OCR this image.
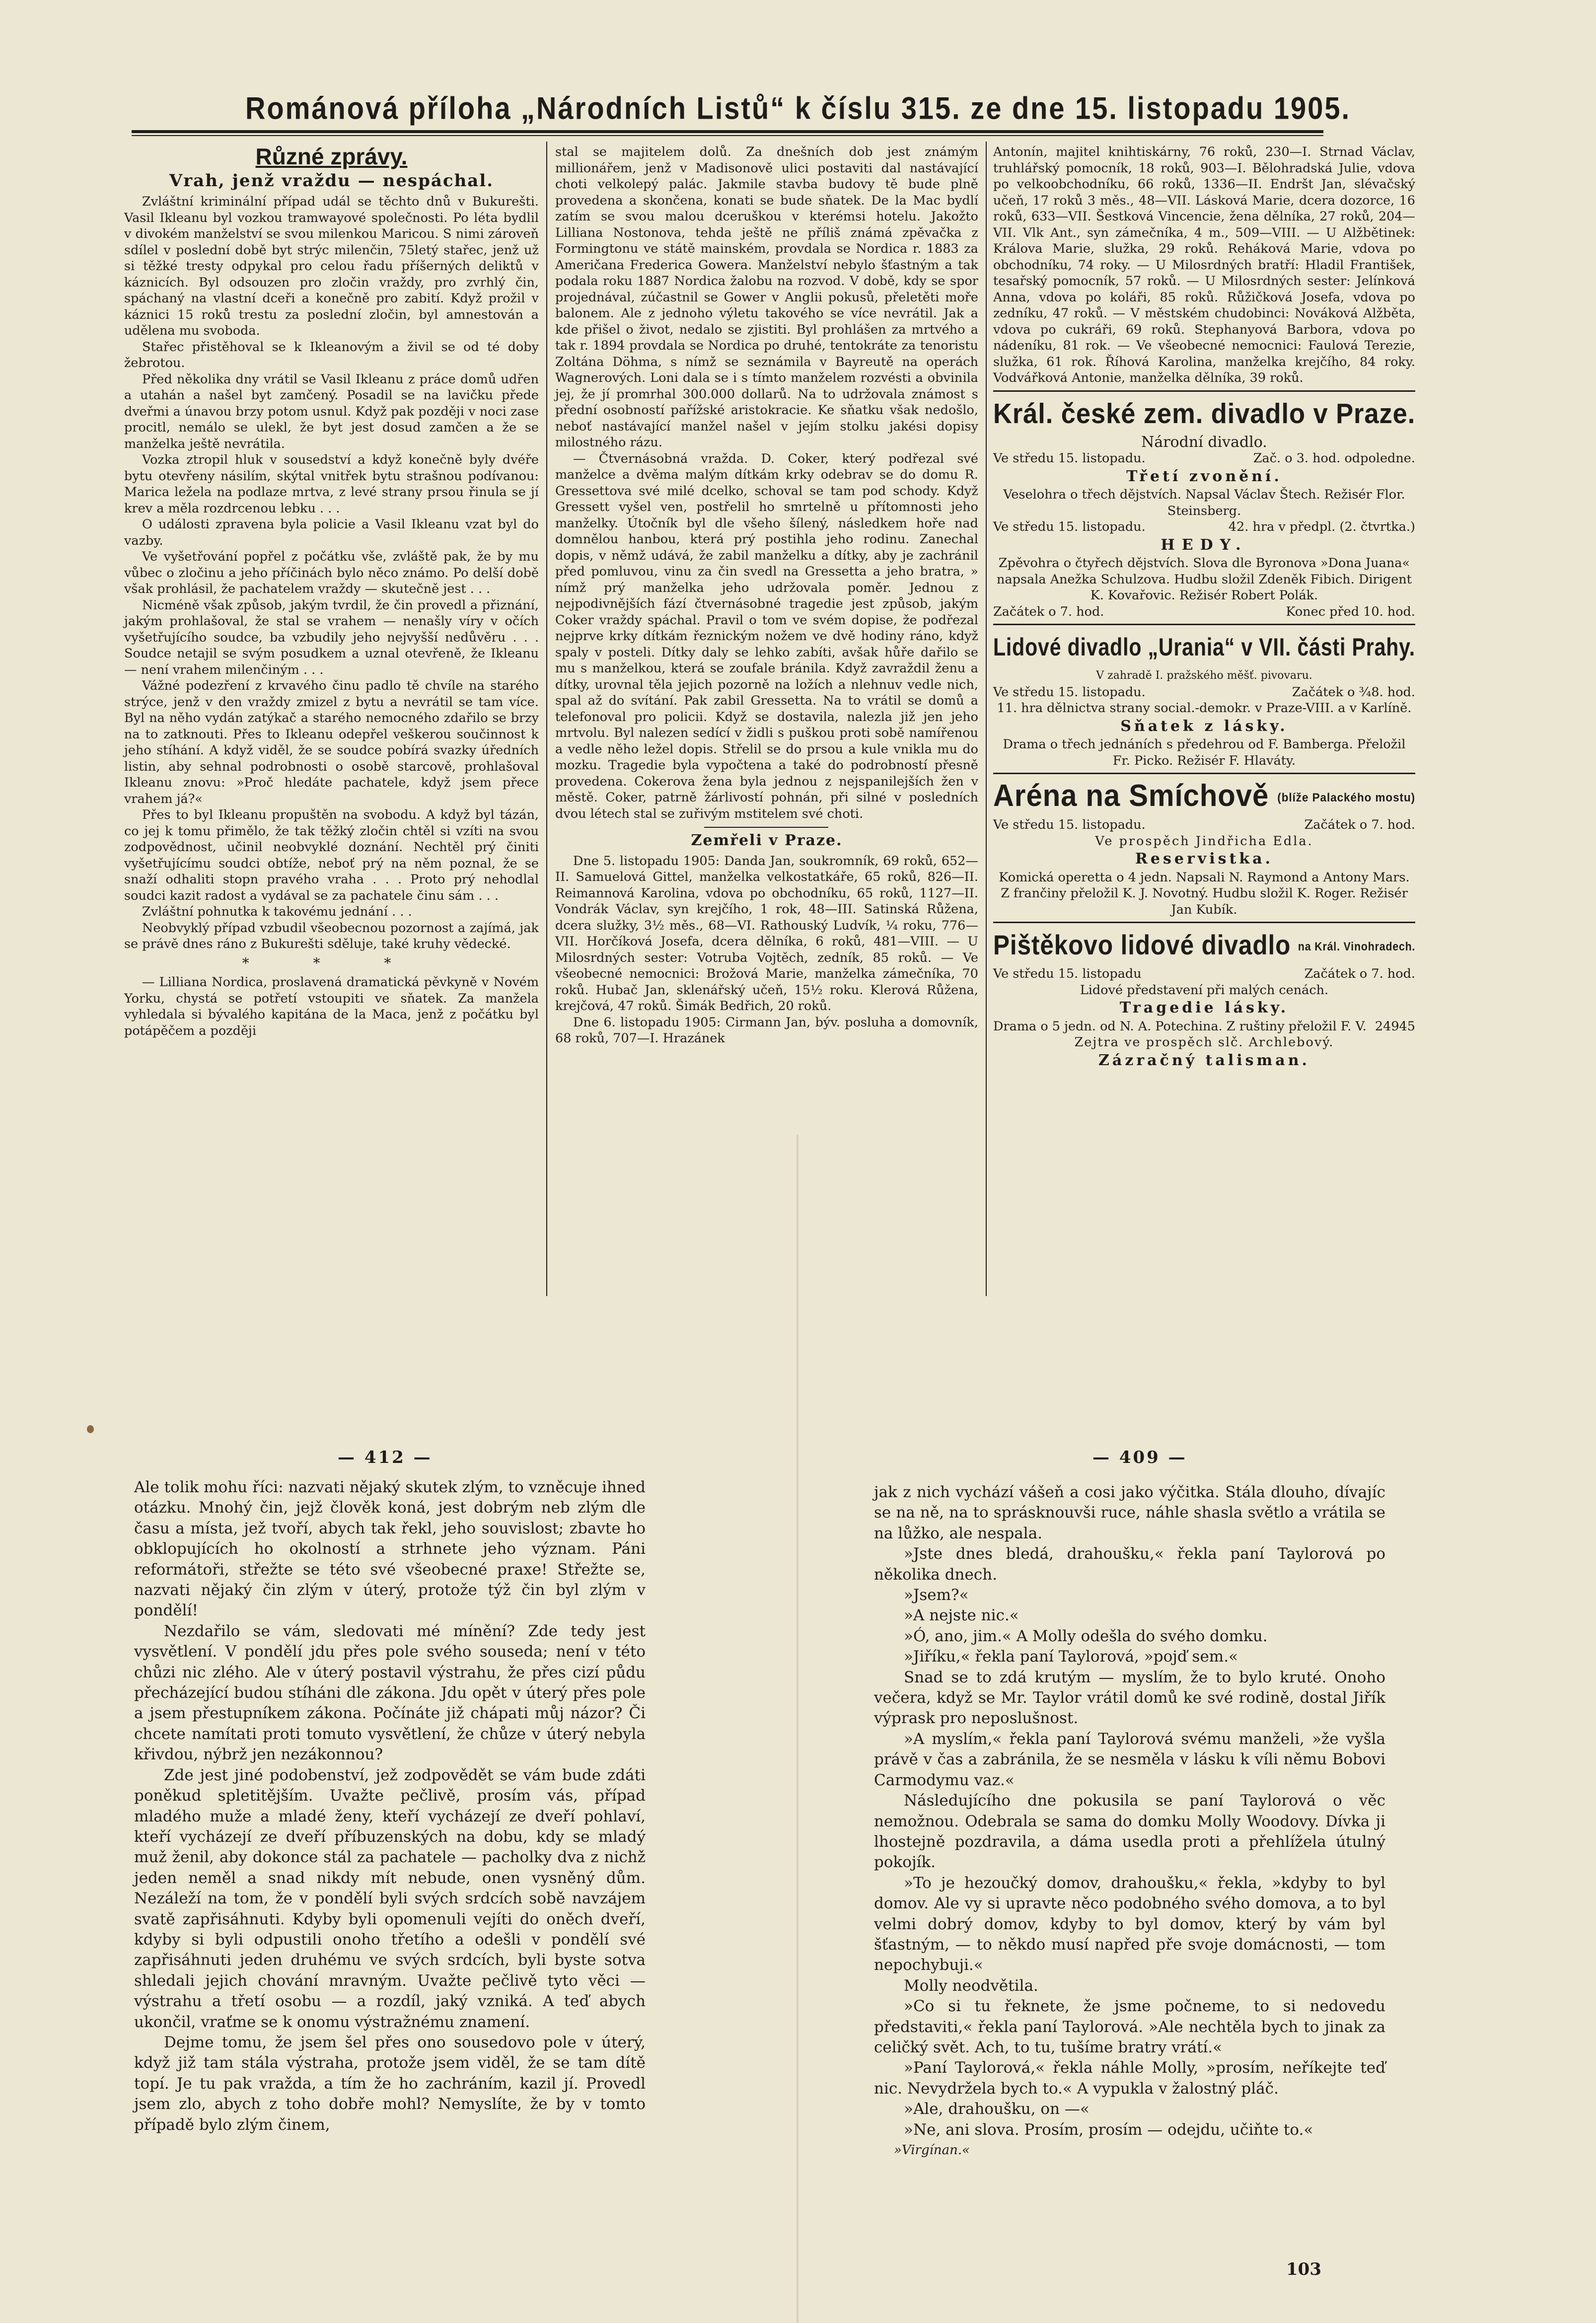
Románová příloha „Národních Listů“ k číslu 315. ze dne 15. listopadu 1905.
Různé zprávy.
Vrah, jenž vraždu — nespáchal.

Zvláštní kriminální případ udál se těchto dnů v Bukurešti. Vasil Ikleanu byl vozkou tramwayové společnosti. Po léta bydlil v divokém manželství se svou milenkou Maricou. S nimi zároveň sdílel v poslední době byt strýc milenčin, 75letý stařec, jenž už si těžké tresty odpykal pro celou řadu příšerných deliktů v káznicích. Byl odsouzen pro zločin vraždy, pro zvrhlý čin, spáchaný na vlastní dceři a konečně pro zabití. Když prožil v káznici 15 roků trestu za poslední zločin, byl amnestován a udělena mu svoboda.

Stařec přistěhoval se k Ikleanovým a živil se od té doby žebrotou.

Před několika dny vrátil se Vasil Ikleanu z práce domů udřen a utahán a našel byt zamčený. Posadil se na lavičku přede dveřmi a únavou brzy potom usnul. Když pak později v noci zase procitl, nemálo se ulekl, že byt jest dosud zamčen a že se manželka ještě nevrátila.

Vozka ztropil hluk v sousedství a když konečně byly dvéře bytu otevřeny násilím, skýtal vnitřek bytu strašnou podívanou: Marica ležela na podlaze mrtva, z levé strany prsou řinula se jí krev a měla rozdrcenou lebku . . .

O události zpravena byla policie a Vasil Ikleanu vzat byl do vazby.

Ve vyšetřování popřel z počátku vše, zvláště pak, že by mu vůbec o zločinu a jeho příčinách bylo něco známo. Po delší době však prohlásil, že pachatelem vraždy — skutečně jest . . .

Nicméně však způsob, jakým tvrdil, že čin provedl a přiznání, jakým prohlašoval, že stal se vrahem — nenašly víry v očích vyšetřujícího soudce, ba vzbudily jeho nejvyšší nedůvěru . . . Soudce netajil se svým posudkem a uznal otevřeně, že Ikleanu — není vrahem milenčiným . . .

Vážné podezření z krvavého činu padlo tě chvíle na starého strýce, jenž v den vraždy zmizel z bytu a nevrátil se tam více. Byl na něho vydán zatýkač a starého nemocného zdařilo se brzy na to zatknouti. Přes to Ikleanu odepřel veškerou součinnost k jeho stíhání. A když viděl, že se soudce pobírá svazky úředních listin, aby sehnal podrobnosti o osobě starcově, prohlašoval Ikleanu znovu: »Proč hledáte pachatele, když jsem přece vrahem já?«

Přes to byl Ikleanu propuštěn na svobodu. A když byl tázán, co jej k tomu přimělo, že tak těžký zločin chtěl si vzíti na svou zodpovědnost, učinil neobvyklé doznání. Nechtěl prý činiti vyšetřujícímu soudci obtíže, neboť prý na něm poznal, že se snaží odhaliti stopn pravého vraha . . . Proto prý nehodlal soudci kazit radost a vydával se za pachatele činu sám . . .

Zvláštní pohnutka k takovému jednání . . .

Neobvyklý případ vzbudil všeobecnou pozornost a zajímá, jak se právě dnes ráno z Bukurešti sděluje, také kruhy vědecké.

* * *

— Lilliana Nordica, proslavená dramatická pěvkyně v Novém Yorku, chystá se potřetí vstoupiti ve sňatek. Za manžela vyhledala si bývalého kapitána de la Maca, jenž z počátku byl potápěčem a později

stal se majitelem dolů. Za dnešních dob jest známým millionářem, jenž v Madisonově ulici postaviti dal nastávající choti velkolepý palác. Jakmile stavba budovy tě bude plně provedena a skončena, konati se bude sňatek. De la Mac bydlí zatím se svou malou dceruškou v kterémsi hotelu. Jakožto Lilliana Nostonova, tehda ještě ne příliš známá zpěvačka z Formingtonu ve státě mainském, provdala se Nordica r. 1883 za Američana Frederica Gowera. Manželství nebylo šťastným a tak podala roku 1887 Nordica žalobu na rozvod. V době, kdy se spor projednával, zúčastnil se Gower v Anglii pokusů, přeletěti moře balonem. Ale z jednoho výletu takového se více nevrátil. Jak a kde přišel o život, nedalo se zjistiti. Byl prohlášen za mrtvého a tak r. 1894 provdala se Nordica po druhé, tentokráte za tenoristu Zoltána Döhma, s nímž se seznámila v Bayreutě na operách Wagnerových. Loni dala se i s tímto manželem rozvésti a obvinila jej, že jí promrhal 300.000 dollarů. Na to udržovala známost s přední osobností pařížské aristokracie. Ke sňatku však nedošlo, neboť nastávající manžel našel v jejím stolku jakési dopisy milostného rázu.

— Čtvernásobná vražda. D. Coker, který podřezal své manželce a dvěma malým dítkám krky odebrav se do domu R. Gressettova své milé dcelko, schoval se tam pod schody. Když Gressett vyšel ven, postřelil ho smrtelně u přítomnosti jeho manželky. Útočník byl dle všeho šílený, následkem hoře nad domnělou hanbou, která prý postihla jeho rodinu. Zanechal dopis, v němž udává, že zabil manželku a dítky, aby je zachránil před pomluvou, vinu za čin svedl na Gressetta a jeho bratra, » nímž prý manželka jeho udržovala poměr. Jednou z nejpodivnějších fází čtvernásobné tragedie jest způsob, jakým Coker vraždy spáchal. Pravil o tom ve svém dopise, že podřezal nejprve krky dítkám řeznickým nožem ve dvě hodiny ráno, když spaly v posteli. Dítky daly se lehko zabíti, avšak hůře dařilo se mu s manželkou, která se zoufale bránila. Když zavraždil ženu a dítky, urovnal těla jejich pozorně na ložích a nlehnuv vedle nich, spal až do svítání. Pak zabil Gressetta. Na to vrátil se domů a telefonoval pro policii. Když se dostavila, nalezla již jen jeho mrtvolu. Byl nalezen sedící v židli s puškou proti sobě namířenou a vedle něho ležel dopis. Střelil se do prsou a kule vnikla mu do mozku. Tragedie byla vypočtena a také do podrobností přesně provedena. Cokerova žena byla jednou z nejspanilejších žen v městě. Coker, patrně žárlivostí pohnán, při silné v posledních dvou létech stal se zuřivým mstitelem své choti.

Zemřeli v Praze.

Dne 5. listopadu 1905: Danda Jan, soukromník, 69 roků, 652—II. Samuelová Gittel, manželka velkostatkáře, 65 roků, 826—II. Reimannová Karolina, vdova po obchodníku, 65 roků, 1127—II. Vondrák Václav, syn krejčího, 1 rok, 48—III. Satinská Růžena, dcera služky, 3½ měs., 68—VI. Rathouský Ludvík, ¼ roku, 776—VII. Horčíková Josefa, dcera dělníka, 6 roků, 481—VIII. — U Milosrdných sester: Votruba Vojtěch, zedník, 85 roků. — Ve všeobecné nemocnici: Brožová Marie, manželka zámečníka, 70 roků. Hubač Jan, sklenářský učeň, 15½ roku. Klerová Růžena, krejčová, 47 roků. Šimák Bedřich, 20 roků.

Dne 6. listopadu 1905: Cirmann Jan, býv. posluha a domovník, 68 roků, 707—I. Hrazánek

Antonín, majitel knihtiskárny, 76 roků, 230—I. Strnad Václav, truhlářský pomocník, 18 roků, 903—I. Bělohradská Julie, vdova po velkoobchodníku, 66 roků, 1336—II. Endršt Jan, slévačský učeň, 17 roků 3 měs., 48—VII. Lásková Marie, dcera dozorce, 16 roků, 633—VII. Šestková Vincencie, žena dělníka, 27 roků, 204—VII. Vlk Ant., syn zámečníka, 4 m., 509—VIII. — U Alžbětinek: Králova Marie, služka, 29 roků. Reháková Marie, vdova po obchodníku, 74 roky. — U Milosrdných bratří: Hladil František, tesařský pomocník, 57 roků. — U Milosrdných sester: Jelínková Anna, vdova po koláři, 85 roků. Růžičková Josefa, vdova po zedníku, 47 roků. — V městském chudobinci: Nováková Alžběta, vdova po cukráři, 69 roků. Stephanyová Barbora, vdova po nádeníku, 81 rok. — Ve všeobecné nemocnici: Faulová Terezie, služka, 61 rok. Říhová Karolina, manželka krejčího, 84 roky. Vodvářková Antonie, manželka dělníka, 39 roků.

Král. české zem. divadlo v Praze.
Národní divadlo.
Ve středu 15. listopadu.	Zač. o 3. hod. odpoledne.
Třetí zvonění.

Veselohra o třech dějstvích. Napsal Václav Štech. Režisér Flor. Steinsberg.

Ve středu 15. listopadu.	42. hra v předpl. (2. čtvrtka.)
HEDY.

Zpěvohra o čtyřech dějstvích. Slova dle Byronova »Dona Juana« napsala Anežka Schulzova. Hudbu složil Zdeněk Fibich. Dirigent K. Kovařovic. Režisér Robert Polák.

Začátek o 7. hod.	Konec před 10. hod.
Lidové divadlo „Urania“ v VII. části Prahy.
V zahradě I. pražského měšť. pivovaru.
Ve středu 15. listopadu.	Začátek o ¾8. hod.

11. hra dělnictva strany social.-demokr. v Praze-VIII. a v Karlíně.

Sňatek z lásky.

Drama o třech jednáních s předehrou od F. Bamberga. Přeložil Fr. Picko. Režisér F. Hlaváty.

Aréna na Smíchově (blíže Palackého mostu)
Ve středu 15. listopadu.	Začátek o 7. hod.
Ve prospěch Jindřicha Edla.
Reservistka.

Komická operetta o 4 jedn. Napsali N. Raymond a Antony Mars. Z frančiny přeložil K. J. Novotný. Hudbu složil K. Roger. Režisér Jan Kubík.

Pištěkovo lidové divadlo na Král. Vinohradech.
Ve středu 15. listopadu	Začátek o 7. hod.
Lidové představení při malých cenách.
Tragedie lásky.
Drama o 5 jedn. od N. A. Potechina. Z ruštiny přeložil F. V. 24945
Zejtra ve prospěch slč. Archlebový.
Zázračný talisman.
— 412 —

Ale tolik mohu říci: nazvati nějaký skutek zlým, to vzněcuje ihned otázku. Mnohý čin, jejž člověk koná, jest dobrým neb zlým dle času a místa, jež tvoří, abych tak řekl, jeho souvislost; zbavte ho obklopujících ho okolností a strhnete jeho význam. Páni reformátoři, střežte se této své všeobecné praxe! Střežte se, nazvati nějaký čin zlým v úterý, protože týž čin byl zlým v pondělí!

Nezdařilo se vám, sledovati mé mínění? Zde tedy jest vysvětlení. V pondělí jdu přes pole svého souseda; není v této chůzi nic zlého. Ale v úterý postavil výstrahu, že přes cizí půdu přecházející budou stíháni dle zákona. Jdu opět v úterý přes pole a jsem přestupníkem zákona. Počínáte již chápati můj názor? Či chcete namítati proti tomuto vysvětlení, že chůze v úterý nebyla křivdou, nýbrž jen nezákonnou?

Zde jest jiné podobenství, jež zodpovědět se vám bude zdáti poněkud spletitějším. Uvažte pečlivě, prosím vás, případ mladého muže a mladé ženy, kteří vycházejí ze dveří pohlaví, kteří vycházejí ze dveří příbuzenských na dobu, kdy se mladý muž ženil, aby dokonce stál za pachatele — pacholky dva z nichž jeden neměl a snad nikdy mít nebude, onen vysněný dům. Nezáleží na tom, že v pondělí byli svých srdcích sobě navzájem svatě zapřisáhnuti. Kdyby byli opomenuli vejíti do oněch dveří, kdyby si byli odpustili onoho třetího a odešli v pondělí své zapřisáhnuti jeden druhému ve svých srdcích, byli byste sotva shledali jejich chování mravným. Uvažte pečlivě tyto věci — výstrahu a třetí osobu — a rozdíl, jaký vzniká. A teď abych ukončil, vraťme se k onomu výstražnému znamení.

Dejme tomu, že jsem šel přes ono sousedovo pole v úterý, když již tam stála výstraha, protože jsem viděl, že se tam dítě topí. Je tu pak vražda, a tím že ho zachráním, kazil jí. Provedl jsem zlo, abych z toho dobře mohl? Nemyslíte, že by v tomto případě bylo zlým činem,

— 409 —

jak z nich vychází vášeň a cosi jako výčitka. Stála dlouho, dívajíc se na ně, na to sprásknouvši ruce, náhle shasla světlo a vrátila se na lůžko, ale nespala.

»Jste dnes bledá, drahoušku,« řekla paní Taylorová po několika dnech.

»Jsem?«

»A nejste nic.«

»Ó, ano, jim.« A Molly odešla do svého domku.

»Jiříku,« řekla paní Taylorová, »pojď sem.«

Snad se to zdá krutým — myslím, že to bylo kruté. Onoho večera, když se Mr. Taylor vrátil domů ke své rodině, dostal Jiřík výprask pro neposlušnost.

»A myslím,« řekla paní Taylorová svému manželi, »že vyšla právě v čas a zabránila, že se nesměla v lásku k víli němu Bobovi Carmodymu vaz.«

Následujícího dne pokusila se paní Taylorová o věc nemožnou. Odebrala se sama do domku Molly Woodovy. Dívka ji lhostejně pozdravila, a dáma usedla proti a přehlížela útulný pokojík.

»To je hezoučký domov, drahoušku,« řekla, »kdyby to byl domov. Ale vy si upravte něco podobného svého domova, a to byl velmi dobrý domov, kdyby to byl domov, který by vám byl šťastným, — to někdo musí napřed pře svoje domácnosti, — tom nepochybuji.«

Molly neodvětila.

»Co si tu řeknete, že jsme počneme, to si nedovedu představiti,« řekla paní Taylorová. »Ale nechtěla bych to jinak za celičký svět. Ach, to tu, tušíme bratry vrátí.«

»Paní Taylorová,« řekla náhle Molly, »prosím, neříkejte teď nic. Nevydržela bych to.« A vypukla v žalostný pláč.

»Ale, drahoušku, on —«

»Ne, ani slova. Prosím, prosím — odejdu, učiňte to.«

»Virgínan.«
103
